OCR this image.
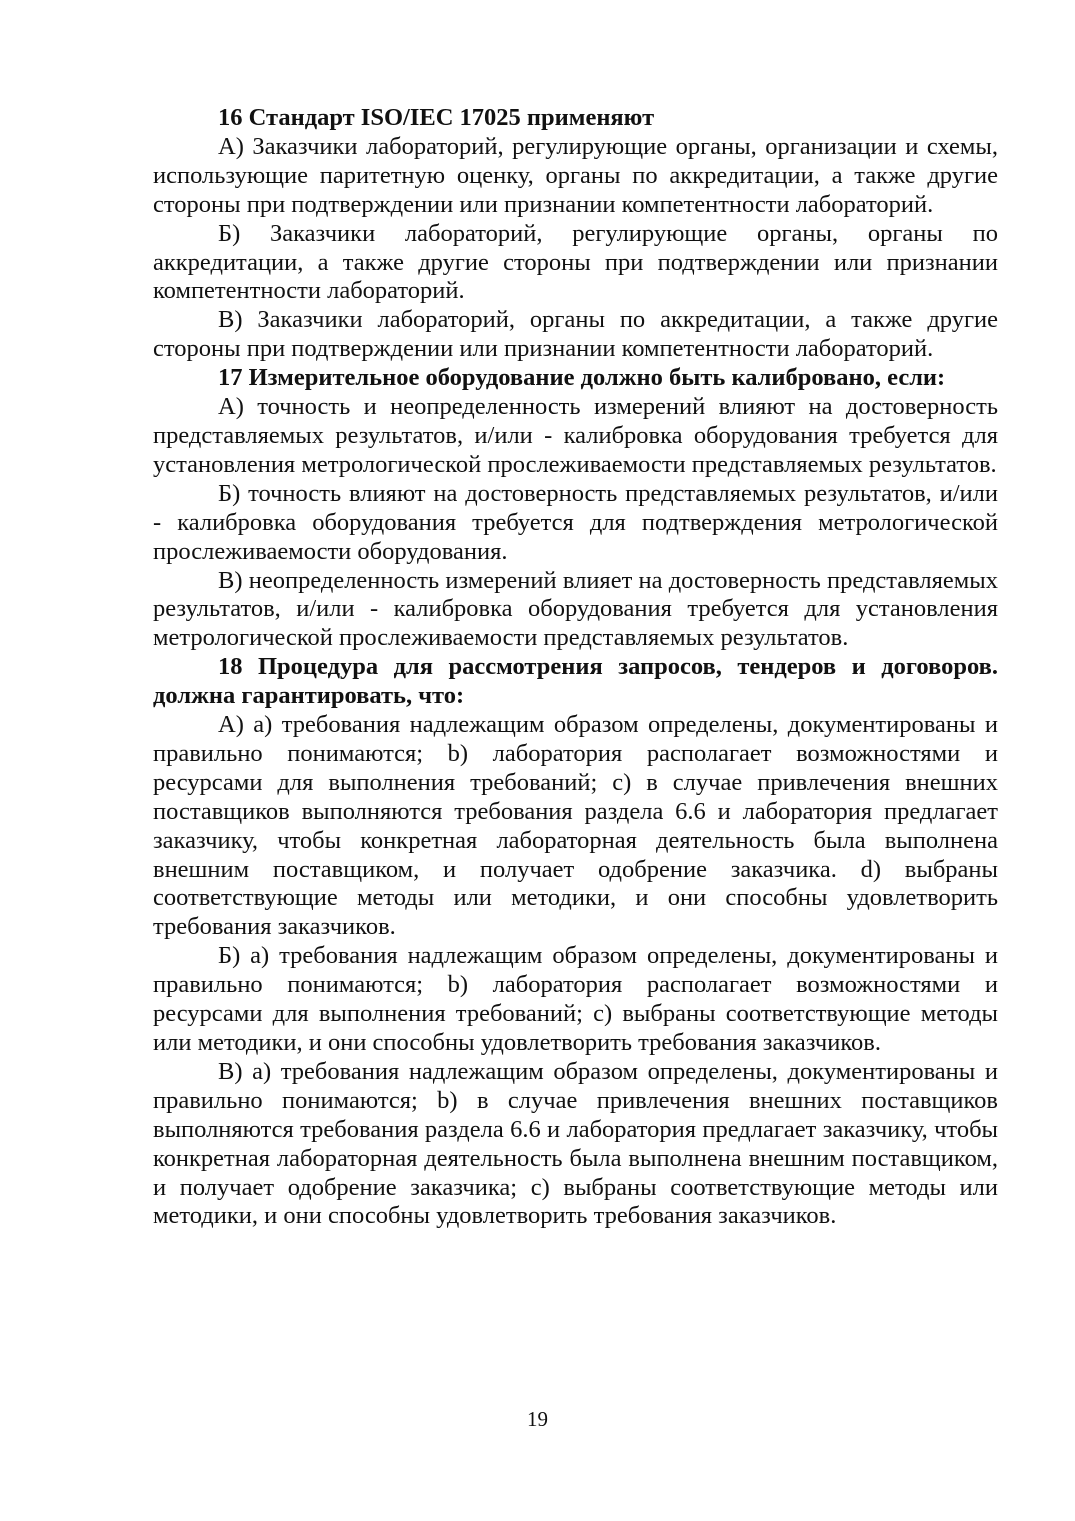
16 Стандарт ISO/IEC 17025 применяют

А) Заказчики лабораторий, регулирующие органы, организации и схемы, использующие паритетную оценку, органы по аккредитации, а также другие стороны при подтверждении или признании компетентности лабораторий.

Б) Заказчики лабораторий, регулирующие органы, органы по аккредитации, а также другие стороны при подтверждении или признании компетентности лабораторий.

В) Заказчики лабораторий, органы по аккредитации, а также другие стороны при подтверждении или признании компетентности лабораторий.

17 Измерительное оборудование должно быть калибровано, если:

А) точность и неопределенность измерений влияют на достоверность представляемых результатов, и/или - калибровка оборудования требуется для установления метрологической прослеживаемости представляемых результатов.

Б) точность влияют на достоверность представляемых результатов, и/или - калибровка оборудования требуется для подтверждения метрологической прослеживаемости оборудования.

В) неопределенность измерений влияет на достоверность представляемых результатов, и/или - калибровка оборудования требуется для установления метрологической прослеживаемости представляемых результатов.

18 Процедура для рассмотрения запросов, тендеров и договоров. должна гарантировать, что:

А) a) требования надлежащим образом определены, документированы и правильно понимаются; b) лаборатория располагает возможностями и ресурсами для выполнения требований; c) в случае привлечения внешних поставщиков выполняются требования раздела 6.6 и лаборатория предлагает заказчику, чтобы конкретная лабораторная деятельность была выполнена внешним поставщиком, и получает одобрение заказчика. d) выбраны соответствующие методы или методики, и они способны удовлетворить требования заказчиков.

Б) a) требования надлежащим образом определены, документированы и правильно понимаются; b) лаборатория располагает возможностями и ресурсами для выполнения требований; c) выбраны соответствующие методы или методики, и они способны удовлетворить требования заказчиков.

В) a) требования надлежащим образом определены, документированы и правильно понимаются; b) в случае привлечения внешних поставщиков выполняются требования раздела 6.6 и лаборатория предлагает заказчику, чтобы конкретная лабораторная деятельность была выполнена внешним поставщиком, и получает одобрение заказчика; c) выбраны соответствующие методы или методики, и они способны удовлетворить требования заказчиков.

19
